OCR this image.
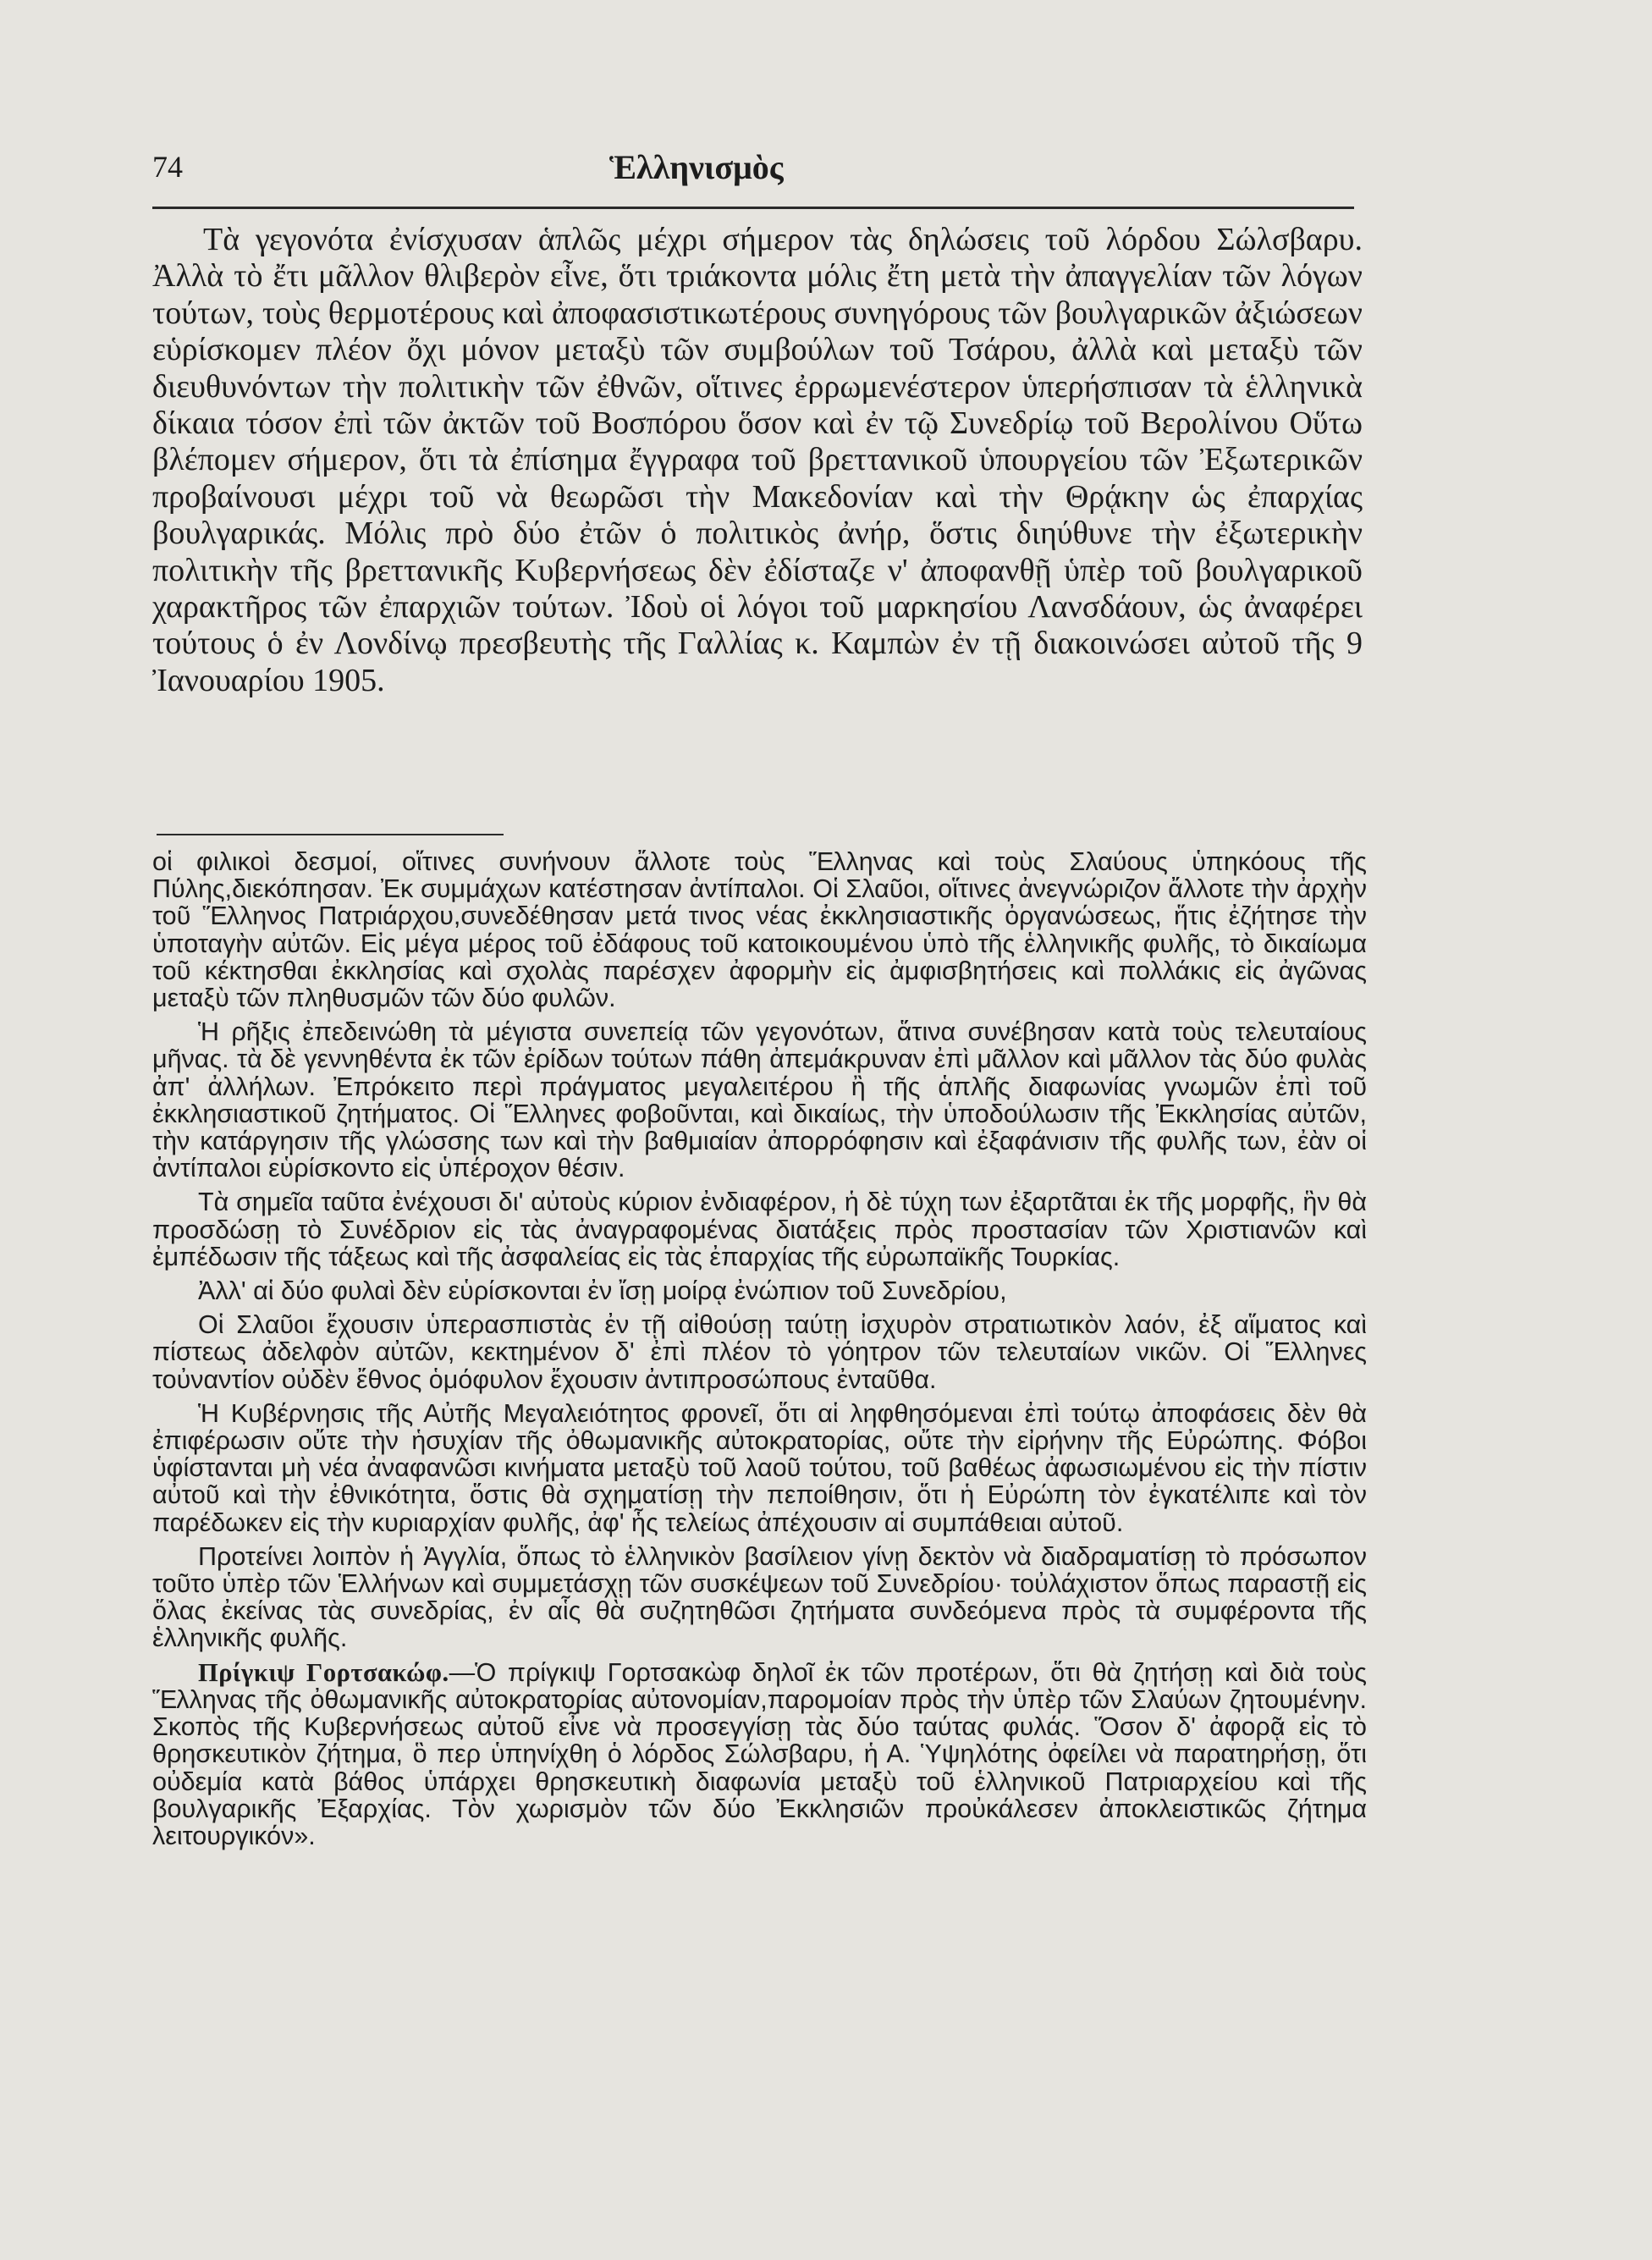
74	Ἑλληνισμὸς

Τὰ γεγονότα ἐνίσχυσαν ἁπλῶς μέχρι σήμερον τὰς δηλώσεις τοῦ λόρδου Σώλσβαρυ. Ἀλλὰ τὸ ἔτι μᾶλλον θλιβερὸν εἶνε, ὅτι τριάκοντα μόλις ἔτη μετὰ τὴν ἀπαγγελίαν τῶν λόγων τούτων, τοὺς θερμοτέρους καὶ ἀποφασιστικωτέρους συνηγόρους τῶν βουλγαρικῶν ἀξιώσεων εὑρίσκομεν πλέον ὄχι μόνον μεταξὺ τῶν συμβούλων τοῦ Τσάρου, ἀλλὰ καὶ μεταξὺ τῶν διευθυνόντων τὴν πολιτικὴν τῶν ἐθνῶν, οἵτινες ἐρρωμενέστερον ὑπερήσπισαν τὰ ἑλληνικὰ δίκαια τόσον ἐπὶ τῶν ἀκτῶν τοῦ Βοσπόρου ὅσον καὶ ἐν τῷ Συνεδρίῳ τοῦ Βερολίνου Οὕτω βλέπομεν σήμερον, ὅτι τὰ ἐπίσημα ἔγγραφα τοῦ βρεττανικοῦ ὑπουργείου τῶν Ἐξωτερικῶν προβαίνουσι μέχρι τοῦ νὰ θεωρῶσι τὴν Μακεδονίαν καὶ τὴν Θρᾴκην ὡς ἐπαρχίας βουλγαρικάς. Μόλις πρὸ δύο ἐτῶν ὁ πολιτικὸς ἀνήρ, ὅστις διηύθυνε τὴν ἐξωτερικὴν πολιτικὴν τῆς βρεττανικῆς Κυβερνήσεως δὲν ἐδίσταζε ν' ἀποφανθῇ ὑπὲρ τοῦ βουλγαρικοῦ χαρακτῆρος τῶν ἐπαρχιῶν τούτων. Ἰδοὺ οἱ λόγοι τοῦ μαρκησίου Λανσδάουν, ὡς ἀναφέρει τούτους ὁ ἐν Λονδίνῳ πρεσβευτὴς τῆς Γαλλίας κ. Καμπὼν ἐν τῇ διακοινώσει αὐτοῦ τῆς 9 Ἰανουαρίου 1905.

οἱ φιλικοὶ δεσμοί, οἵτινες συνήνουν ἄλλοτε τοὺς Ἕλληνας καὶ τοὺς Σλαύους ὑπηκόους τῆς Πύλης,διεκόπησαν. Ἐκ συμμάχων κατέστησαν ἀντίπαλοι. Οἱ Σλαῦοι, οἵτινες ἀνεγνώριζον ἄλλοτε τὴν ἀρχὴν τοῦ Ἕλληνος Πατριάρχου,συνεδέθησαν μετά τινος νέας ἐκκλησιαστικῆς ὀργανώσεως, ἥτις ἐζήτησε τὴν ὑποταγὴν αὐτῶν. Εἰς μέγα μέρος τοῦ ἐδάφους τοῦ κατοικουμένου ὑπὸ τῆς ἑλληνικῆς φυλῆς, τὸ δικαίωμα τοῦ κέκτησθαι ἐκκλησίας καὶ σχολὰς παρέσχεν ἀφορμὴν εἰς ἀμφισβητήσεις καὶ πολλάκις εἰς ἀγῶνας μεταξὺ τῶν πληθυσμῶν τῶν δύο φυλῶν.

Ἡ ρῆξις ἐπεδεινώθη τὰ μέγιστα συνεπείᾳ τῶν γεγονότων, ἅτινα συνέβησαν κατὰ τοὺς τελευταίους μῆνας. τὰ δὲ γεννηθέντα ἐκ τῶν ἐρίδων τούτων πάθη ἀπεμάκρυναν ἐπὶ μᾶλλον καὶ μᾶλλον τὰς δύο φυλὰς ἀπ' ἀλλήλων. Ἐπρόκειτο περὶ πράγματος μεγαλειτέρου ἢ τῆς ἁπλῆς διαφωνίας γνωμῶν ἐπὶ τοῦ ἐκκλησιαστικοῦ ζητήματος. Οἱ Ἕλληνες φοβοῦνται, καὶ δικαίως, τὴν ὑποδούλωσιν τῆς Ἐκκλησίας αὐτῶν, τὴν κατάργησιν τῆς γλώσσης των καὶ τὴν βαθμιαίαν ἀπορρόφησιν καὶ ἐξαφάνισιν τῆς φυλῆς των, ἐὰν οἱ ἀντίπαλοι εὑρίσκοντο εἰς ὑπέροχον θέσιν.

Τὰ σημεῖα ταῦτα ἐνέχουσι δι' αὐτοὺς κύριον ἐνδιαφέρον, ἡ δὲ τύχη των ἐξαρτᾶται ἐκ τῆς μορφῆς, ἣν θὰ προσδώσῃ τὸ Συνέδριον εἰς τὰς ἀναγραφομένας διατάξεις πρὸς προστασίαν τῶν Χριστιανῶν καὶ ἐμπέδωσιν τῆς τάξεως καὶ τῆς ἀσφαλείας εἰς τὰς ἐπαρχίας τῆς εὐρωπαϊκῆς Τουρκίας.

Ἀλλ' αἱ δύο φυλαὶ δὲν εὑρίσκονται ἐν ἴσῃ μοίρᾳ ἐνώπιον τοῦ Συνεδρίου,

Οἱ Σλαῦοι ἔχουσιν ὑπερασπιστὰς ἐν τῇ αἰθούσῃ ταύτῃ ἰσχυρὸν στρατιωτικὸν λαόν, ἐξ αἵματος καὶ πίστεως ἀδελφὸν αὐτῶν, κεκτημένον δ' ἐπὶ πλέον τὸ γόητρον τῶν τελευταίων νικῶν. Οἱ Ἕλληνες τοὐναντίον οὐδὲν ἔθνος ὁμόφυλον ἔχουσιν ἀντιπροσώπους ἐνταῦθα.

Ἡ Κυβέρνησις τῆς Αὐτῆς Μεγαλειότητος φρονεῖ, ὅτι αἱ ληφθησόμεναι ἐπὶ τούτῳ ἀποφάσεις δὲν θὰ ἐπιφέρωσιν οὔτε τὴν ἡσυχίαν τῆς ὀθωμανικῆς αὐτοκρατορίας, οὔτε τὴν εἰρήνην τῆς Εὐρώπης. Φόβοι ὑφίστανται μὴ νέα ἀναφανῶσι κινήματα μεταξὺ τοῦ λαοῦ τούτου, τοῦ βαθέως ἀφωσιωμένου εἰς τὴν πίστιν αὐτοῦ καὶ τὴν ἐθνικότητα, ὅστις θὰ σχηματίσῃ τὴν πεποίθησιν, ὅτι ἡ Εὐρώπη τὸν ἐγκατέλιπε καὶ τὸν παρέδωκεν εἰς τὴν κυριαρχίαν φυλῆς, ἀφ' ἧς τελείως ἀπέχουσιν αἱ συμπάθειαι αὐτοῦ.

Προτείνει λοιπὸν ἡ Ἀγγλία, ὅπως τὸ ἑλληνικὸν βασίλειον γίνῃ δεκτὸν νὰ διαδραματίσῃ τὸ πρόσωπον τοῦτο ὑπὲρ τῶν Ἑλλήνων καὶ συμμετάσχῃ τῶν συσκέψεων τοῦ Συνεδρίου· τοὐλάχιστον ὅπως παραστῇ εἰς ὅλας ἐκείνας τὰς συνεδρίας, ἐν αἷς θὰ συζητηθῶσι ζητήματα συνδεόμενα πρὸς τὰ συμφέροντα τῆς ἑλληνικῆς φυλῆς.

Πρίγκιψ Γορτσακώφ.—Ὁ πρίγκιψ Γορτσακὼφ δηλοῖ ἐκ τῶν προτέρων, ὅτι θὰ ζητήσῃ καὶ διὰ τοὺς Ἕλληνας τῆς ὀθωμανικῆς αὐτοκρατορίας αὐτονομίαν,παρομοίαν πρὸς τὴν ὑπὲρ τῶν Σλαύων ζητουμένην. Σκοπὸς τῆς Κυβερνήσεως αὐτοῦ εἶνε νὰ προσεγγίσῃ τὰς δύο ταύτας φυλάς. Ὅσον δ' ἀφορᾷ εἰς τὸ θρησκευτικὸν ζήτημα, ὃ περ ὑπηνίχθη ὁ λόρδος Σώλσβαρυ, ἡ Α. Ὑψηλότης ὀφείλει νὰ παρατηρήσῃ, ὅτι οὐδεμία κατὰ βάθος ὑπάρχει θρησκευτικὴ διαφωνία μεταξὺ τοῦ ἑλληνικοῦ Πατριαρχείου καὶ τῆς βουλγαρικῆς Ἐξαρχίας. Τὸν χωρισμὸν τῶν δύο Ἐκκλησιῶν προὐκάλεσεν ἀποκλειστικῶς ζήτημα λειτουργικόν».
